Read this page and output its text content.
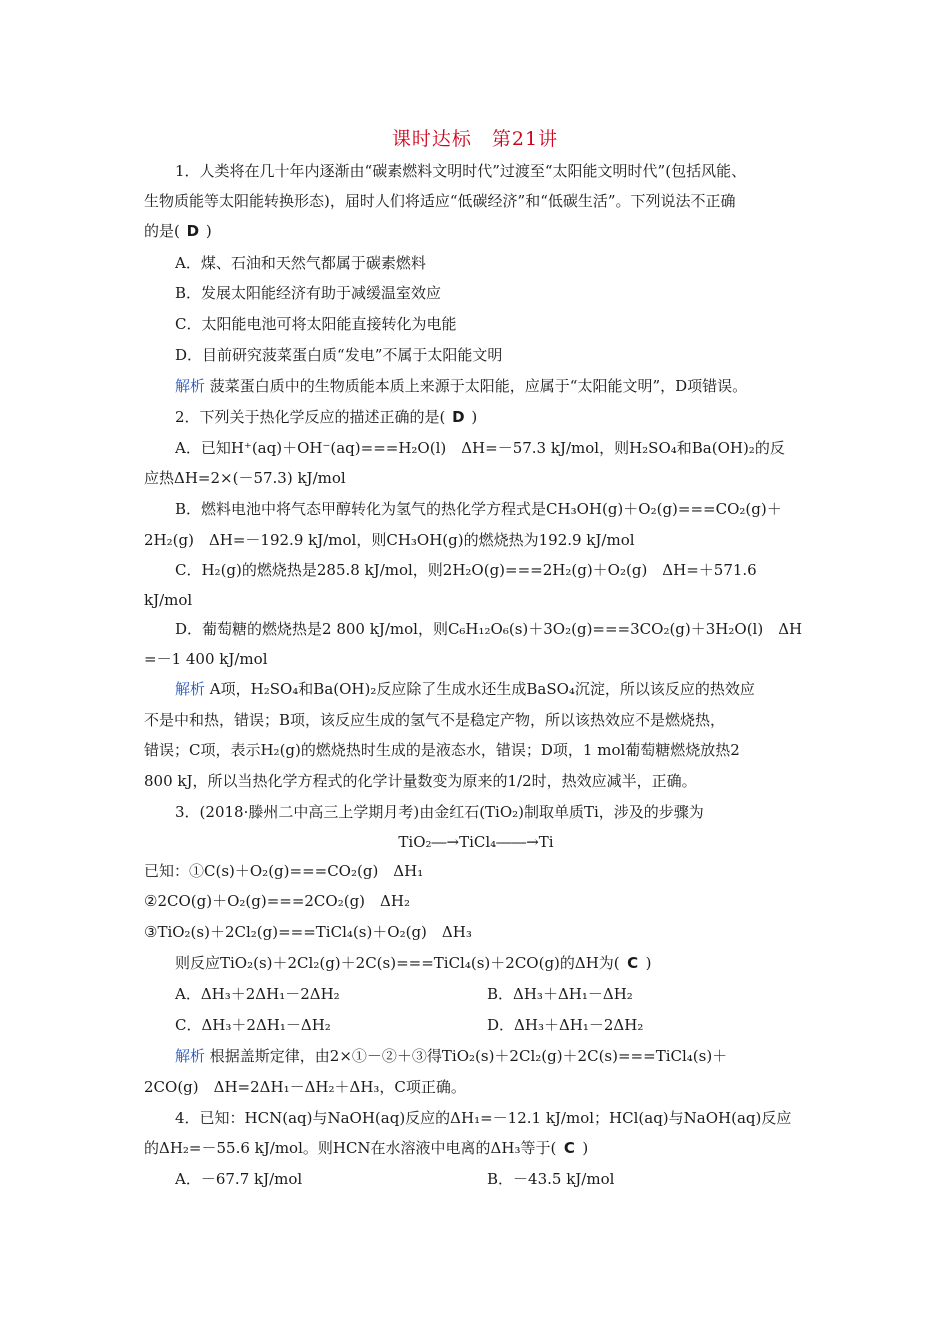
课时达标　第21讲
1．人类将在几十年内逐渐由“碳素燃料文明时代”过渡至“太阳能文明时代”(包括风能、
生物质能等太阳能转换形态)，届时人们将适应“低碳经济”和“低碳生活”。下列说法不正确
的是( D )
A．煤、石油和天然气都属于碳素燃料
B．发展太阳能经济有助于减缓温室效应
C．太阳能电池可将太阳能直接转化为电能
D．目前研究菠菜蛋白质“发电”不属于太阳能文明
解析 菠菜蛋白质中的生物质能本质上来源于太阳能，应属于“太阳能文明”，D项错误。
2．下列关于热化学反应的描述正确的是( D )
A．已知H⁺(aq)＋OH⁻(aq)===H₂O(l)　ΔH=－57.3 kJ/mol，则H₂SO₄和Ba(OH)₂的反
应热ΔH=2×(－57.3) kJ/mol
B．燃料电池中将气态甲醇转化为氢气的热化学方程式是CH₃OH(g)＋O₂(g)===CO₂(g)＋
2H₂(g)　ΔH=－192.9 kJ/mol，则CH₃OH(g)的燃烧热为192.9 kJ/mol
C．H₂(g)的燃烧热是285.8 kJ/mol，则2H₂O(g)===2H₂(g)＋O₂(g)　ΔH=＋571.6
kJ/mol
D．葡萄糖的燃烧热是2 800 kJ/mol，则C₆H₁₂O₆(s)＋3O₂(g)===3CO₂(g)＋3H₂O(l)　ΔH
=－1 400 kJ/mol
解析 A项，H₂SO₄和Ba(OH)₂反应除了生成水还生成BaSO₄沉淀，所以该反应的热效应
不是中和热，错误；B项，该反应生成的氢气不是稳定产物，所以该热效应不是燃烧热，
错误；C项，表示H₂(g)的燃烧热时生成的是液态水，错误；D项，1 mol葡萄糖燃烧放热2
800 kJ，所以当热化学方程式的化学计量数变为原来的1/2时，热效应减半，正确。
3．(2018·滕州二中高三上学期月考)由金红石(TiO₂)制取单质Ti，涉及的步骤为
TiO₂―→TiCl₄――→Ti
已知：①C(s)＋O₂(g)===CO₂(g)　ΔH₁
②2CO(g)＋O₂(g)===2CO₂(g)　ΔH₂
③TiO₂(s)＋2Cl₂(g)===TiCl₄(s)＋O₂(g)　ΔH₃
则反应TiO₂(s)＋2Cl₂(g)＋2C(s)===TiCl₄(s)＋2CO(g)的ΔH为( C )
A．ΔH₃＋2ΔH₁－2ΔH₂	B．ΔH₃＋ΔH₁－ΔH₂
C．ΔH₃＋2ΔH₁－ΔH₂	D．ΔH₃＋ΔH₁－2ΔH₂
解析 根据盖斯定律，由2×①－②＋③得TiO₂(s)＋2Cl₂(g)＋2C(s)===TiCl₄(s)＋
2CO(g)　ΔH=2ΔH₁－ΔH₂＋ΔH₃，C项正确。
4．已知：HCN(aq)与NaOH(aq)反应的ΔH₁=－12.1 kJ/mol；HCl(aq)与NaOH(aq)反应
的ΔH₂=－55.6 kJ/mol。则HCN在水溶液中电离的ΔH₃等于( C )
A．－67.7 kJ/mol	B．－43.5 kJ/mol
